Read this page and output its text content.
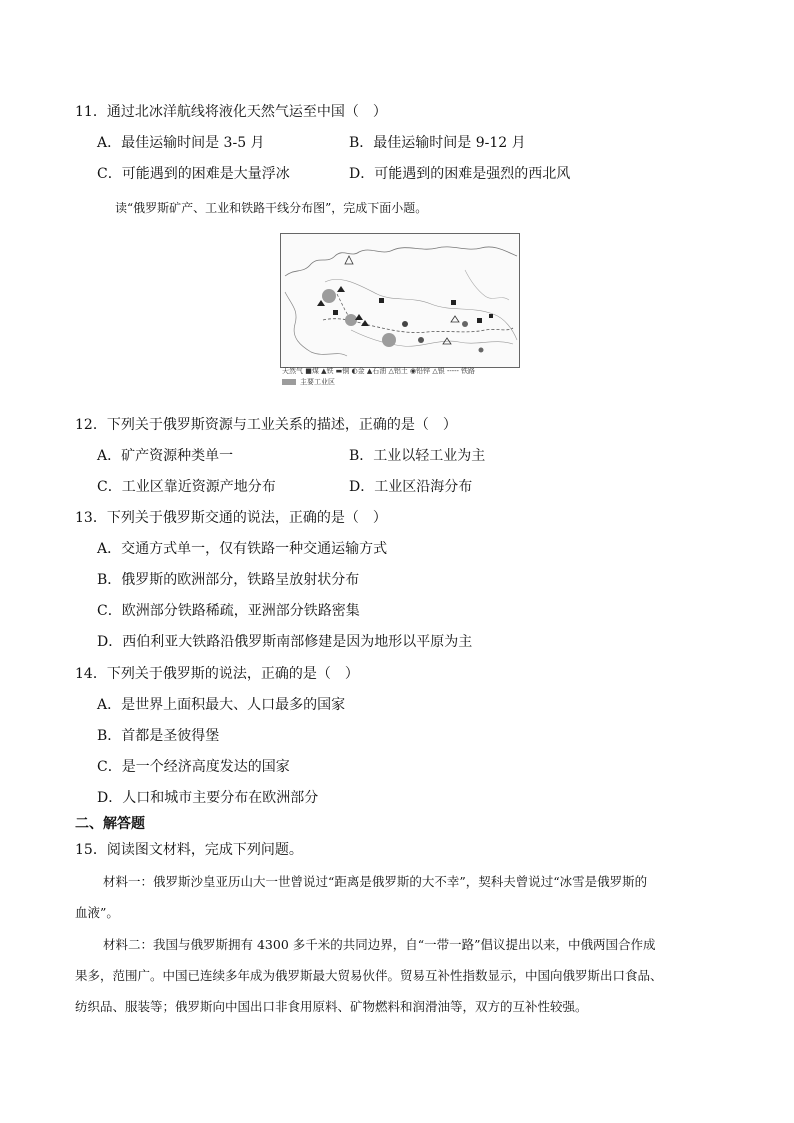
11．通过北冰洋航线将液化天然气运至中国（　）
A．最佳运输时间是 3-5 月	B．最佳运输时间是 9-12 月
C．可能遇到的困难是大量浮冰	D．可能遇到的困难是强烈的西北风
读“俄罗斯矿产、工业和铁路干线分布图”，完成下面小题。
天然气 ■煤 ▲铁 ▬铜 ◐金 ▲石油 △铝土 ◉铅锌 △银 ----- 铁路
主要工业区
12．下列关于俄罗斯资源与工业关系的描述，正确的是（　）
A．矿产资源种类单一	B．工业以轻工业为主
C．工业区靠近资源产地分布	D．工业区沿海分布
13．下列关于俄罗斯交通的说法，正确的是（　）
A．交通方式单一，仅有铁路一种交通运输方式
B．俄罗斯的欧洲部分，铁路呈放射状分布
C．欧洲部分铁路稀疏，亚洲部分铁路密集
D．西伯利亚大铁路沿俄罗斯南部修建是因为地形以平原为主
14．下列关于俄罗斯的说法，正确的是（　）
A．是世界上面积最大、人口最多的国家
B．首都是圣彼得堡
C．是一个经济高度发达的国家
D．人口和城市主要分布在欧洲部分
二、解答题
15．阅读图文材料，完成下列问题。
材料一：俄罗斯沙皇亚历山大一世曾说过“距离是俄罗斯的大不幸”，契科夫曾说过“冰雪是俄罗斯的
血液”。
材料二：我国与俄罗斯拥有 4300 多千米的共同边界，自“一带一路”倡议提出以来，中俄两国合作成
果多，范围广。中国已连续多年成为俄罗斯最大贸易伙伴。贸易互补性指数显示，中国向俄罗斯出口食品、
纺织品、服装等；俄罗斯向中国出口非食用原料、矿物燃料和润滑油等，双方的互补性较强。
